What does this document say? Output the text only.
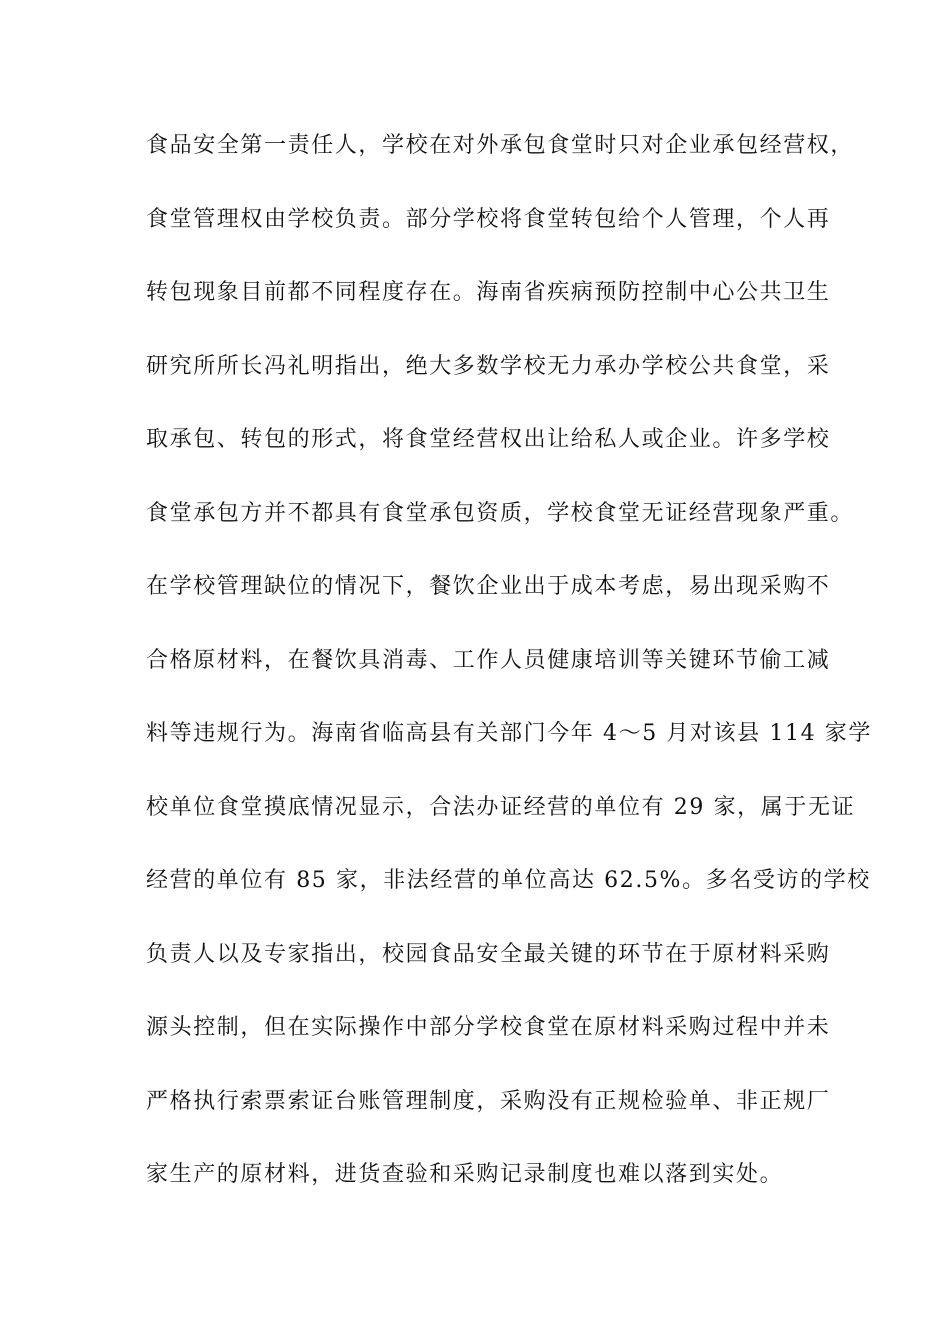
食品安全第一责任人，学校在对外承包食堂时只对企业承包经营权，
食堂管理权由学校负责。部分学校将食堂转包给个人管理，个人再
转包现象目前都不同程度存在。海南省疾病预防控制中心公共卫生
研究所所长冯礼明指出，绝大多数学校无力承办学校公共食堂，采
取承包、转包的形式，将食堂经营权出让给私人或企业。许多学校
食堂承包方并不都具有食堂承包资质，学校食堂无证经营现象严重。
在学校管理缺位的情况下，餐饮企业出于成本考虑，易出现采购不
合格原材料，在餐饮具消毒、工作人员健康培训等关键环节偷工减
料等违规行为。海南省临高县有关部门今年 4～5 月对该县 114 家学
校单位食堂摸底情况显示，合法办证经营的单位有 29 家，属于无证
经营的单位有 85 家，非法经营的单位高达 62.5%。多名受访的学校
负责人以及专家指出，校园食品安全最关键的环节在于原材料采购
源头控制，但在实际操作中部分学校食堂在原材料采购过程中并未
严格执行索票索证台账管理制度，采购没有正规检验单、非正规厂
家生产的原材料，进货查验和采购记录制度也难以落到实处。
